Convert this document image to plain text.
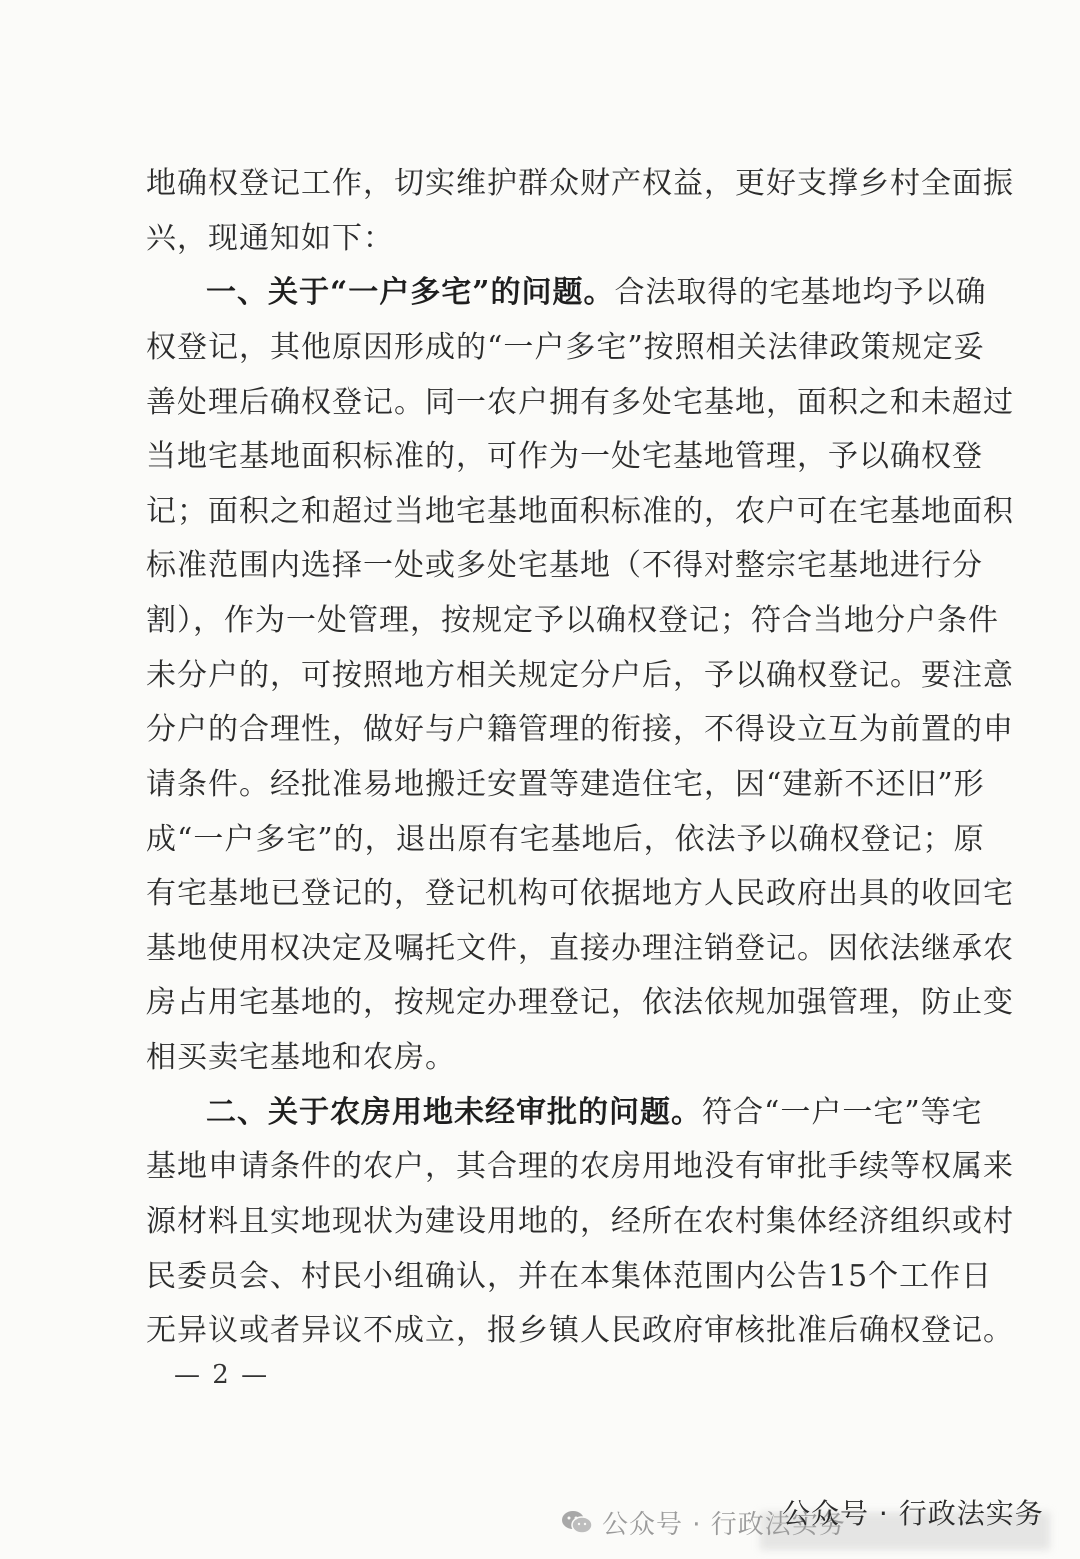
地确权登记工作，切实维护群众财产权益，更好支撑乡村全面振
兴，现通知如下：
一、关于“一户多宅”的问题。合法取得的宅基地均予以确
权登记，其他原因形成的“一户多宅”按照相关法律政策规定妥
善处理后确权登记。同一农户拥有多处宅基地，面积之和未超过
当地宅基地面积标准的，可作为一处宅基地管理，予以确权登
记；面积之和超过当地宅基地面积标准的，农户可在宅基地面积
标准范围内选择一处或多处宅基地（不得对整宗宅基地进行分
割），作为一处管理，按规定予以确权登记；符合当地分户条件
未分户的，可按照地方相关规定分户后，予以确权登记。要注意
分户的合理性，做好与户籍管理的衔接，不得设立互为前置的申
请条件。经批准易地搬迁安置等建造住宅，因“建新不还旧”形
成“一户多宅”的，退出原有宅基地后，依法予以确权登记；原
有宅基地已登记的，登记机构可依据地方人民政府出具的收回宅
基地使用权决定及嘱托文件，直接办理注销登记。因依法继承农
房占用宅基地的，按规定办理登记，依法依规加强管理，防止变
相买卖宅基地和农房。
二、关于农房用地未经审批的问题。符合“一户一宅”等宅
基地申请条件的农户，其合理的农房用地没有审批手续等权属来
源材料且实地现状为建设用地的，经所在农村集体经济组织或村
民委员会、村民小组确认，并在本集体范围内公告15个工作日
无异议或者异议不成立，报乡镇人民政府审核批准后确权登记。
— 2 —
公众号 · 行政法实务
公众号 · 行政法实务
